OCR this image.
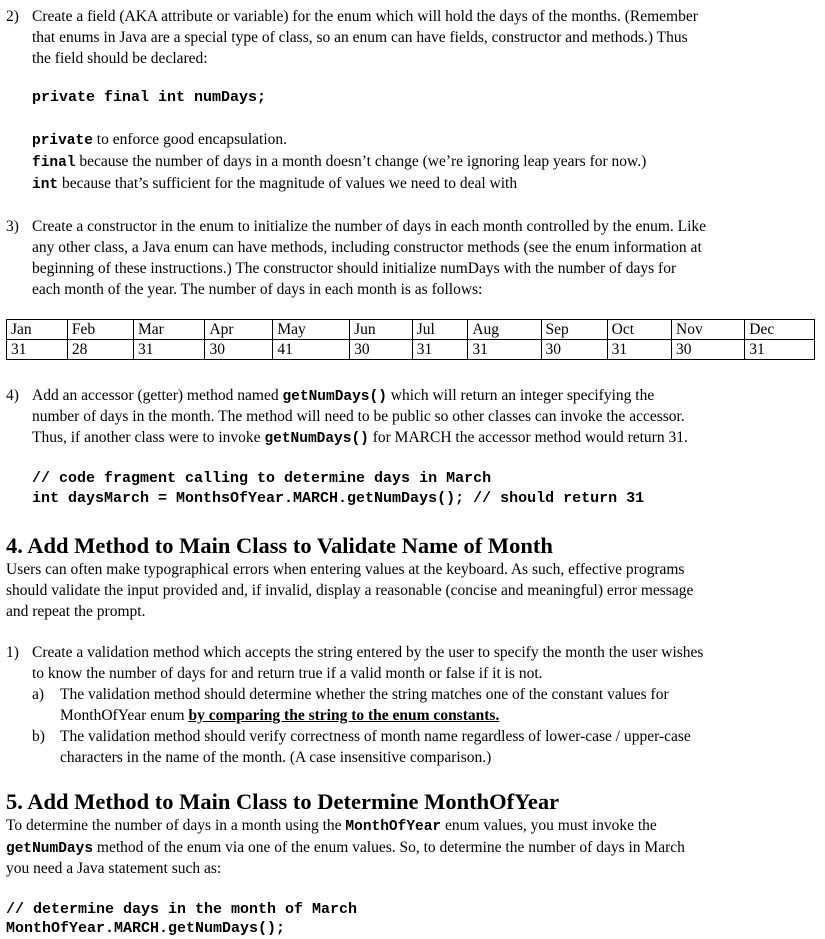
2) Create a field (AKA attribute or variable) for the enum which will hold the days of the months. (Remember
that enums in Java are a special type of class, so an enum can have fields, constructor and methods.) Thus
the field should be declared:
private final int numDays;
private to enforce good encapsulation.
final because the number of days in a month doesn’t change (we’re ignoring leap years for now.)
int because that’s sufficient for the magnitude of values we need to deal with
3) Create a constructor in the enum to initialize the number of days in each month controlled by the enum. Like
any other class, a Java enum can have methods, including constructor methods (see the enum information at
beginning of these instructions.) The constructor should initialize numDays with the number of days for
each month of the year. The number of days in each month is as follows:
Jan	Feb	Mar	Apr	May	Jun	Jul	Aug	Sep	Oct	Nov	Dec
31	28	31	30	41	30	31	31	30	31	30	31
4) Add an accessor (getter) method named getNumDays() which will return an integer specifying the
number of days in the month. The method will need to be public so other classes can invoke the accessor.
Thus, if another class were to invoke getNumDays() for MARCH the accessor method would return 31.
// code fragment calling to determine days in March
int daysMarch = MonthsOfYear.MARCH.getNumDays(); // should return 31
4. Add Method to Main Class to Validate Name of Month
Users can often make typographical errors when entering values at the keyboard. As such, effective programs
should validate the input provided and, if invalid, display a reasonable (concise and meaningful) error message
and repeat the prompt.
1) Create a validation method which accepts the string entered by the user to specify the month the user wishes
to know the number of days for and return true if a valid month or false if it is not.
a) The validation method should determine whether the string matches one of the constant values for
MonthOfYear enum by comparing the string to the enum constants.
b) The validation method should verify correctness of month name regardless of lower-case / upper-case
characters in the name of the month. (A case insensitive comparison.)
5. Add Method to Main Class to Determine MonthOfYear
To determine the number of days in a month using the MonthOfYear enum values, you must invoke the
getNumDays method of the enum via one of the enum values. So, to determine the number of days in March
you need a Java statement such as:
// determine days in the month of March
MonthOfYear.MARCH.getNumDays();
